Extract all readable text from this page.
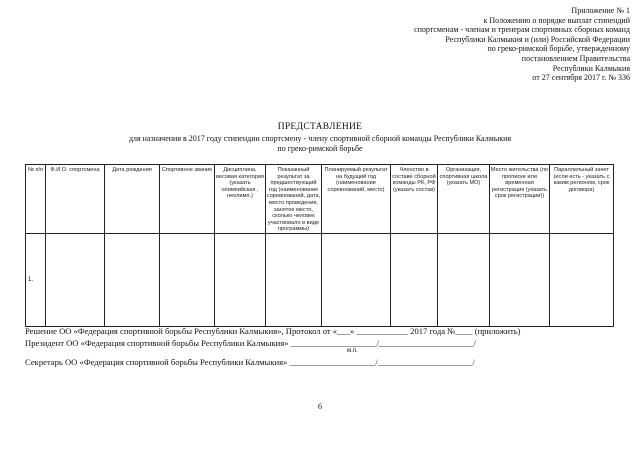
Приложение № 1
к Положению о порядке выплат стипендий
спортсменам - членам и тренерам спортивных сборных команд
Республики Калмыкия и (или) Российской Федерации
по греко-римской борьбе, утвержденному
постановлением Правительства
Республики Калмыкия
от 27 сентября 2017 г. № 336
ПРЕДСТАВЛЕНИЕ
для назначения в 2017 году стипендии спортсмену - члену спортивной сборной команды Республики Калмыкия
по греко-римской борьбе
№ п/п	Ф.И.О. спортсмена	Дата рождения	Спортивное звание	Дисциплина, весовая категория (указать олимпийская , неолимп.)	Показанный результат за предшествующий год (наименование соревнований, дата, место проведения, занятое место, сколько человек участвовало в виде программы)	Планируемый результат на будущий год (наименование соревнований, место)	Членство в составе сборной команды РК, РФ (указать состав)	Организация, спортивная школа (указать МО)	Место жительства (по прописке или временная регистрация (указать срок регистрации))	Параллельный зачет (если есть - указать с каким регионом, срок договора)
1.										
Решение ОО «Федерация спортивной борьбы Республики Калмыкия», Протокол от «___» ____________ 2017 года №____ (приложить)
Президент ОО «Федерация спортивной борьбы Республики Калмыкия» ____________________/______________________/
м.п.
Секретарь ОО «Федерация спортивной борьбы Республики Калмыкия» ____________________/______________________/
6
